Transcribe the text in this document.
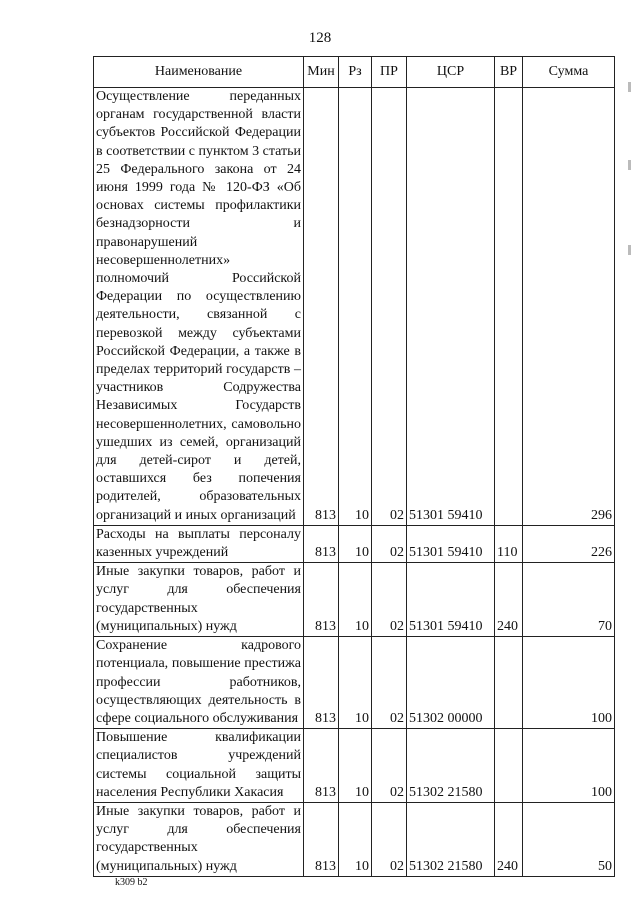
128
Наименование	Мин	Рз	ПР	ЦСР	ВР	Сумма
Осуществление переданных органам государственной власти субъектов Российской Федерации в соответствии с пунктом 3 статьи 25 Федерального закона от 24 июня 1999 года № 120-ФЗ «Об основах системы профилактики безнадзорности и правонарушений несовершеннолетних» полномочий Российской Федерации по осуществлению деятельности, связанной с перевозкой между субъектами Российской Федерации, а также в пределах территорий государств – участников Содружества Независимых Государств несовершеннолетних, самовольно ушедших из семей, организаций для детей-сирот и детей, оставшихся без попечения родителей, образовательных организаций и иных организаций	813	10	02	51301 59410		296
Расходы на выплаты персоналу казенных учреждений	813	10	02	51301 59410	110	226
Иные закупки товаров, работ и услуг для обеспечения государственных (муниципальных) нужд	813	10	02	51301 59410	240	70
Сохранение кадрового потенциала, повышение престижа профессии работников, осуществляющих деятельность в сфере социального обслуживания	813	10	02	51302 00000		100
Повышение квалификации специалистов учреждений системы социальной защиты населения Республики Хакасия	813	10	02	51302 21580		100
Иные закупки товаров, работ и услуг для обеспечения государственных (муниципальных) нужд	813	10	02	51302 21580	240	50
k309 b2
